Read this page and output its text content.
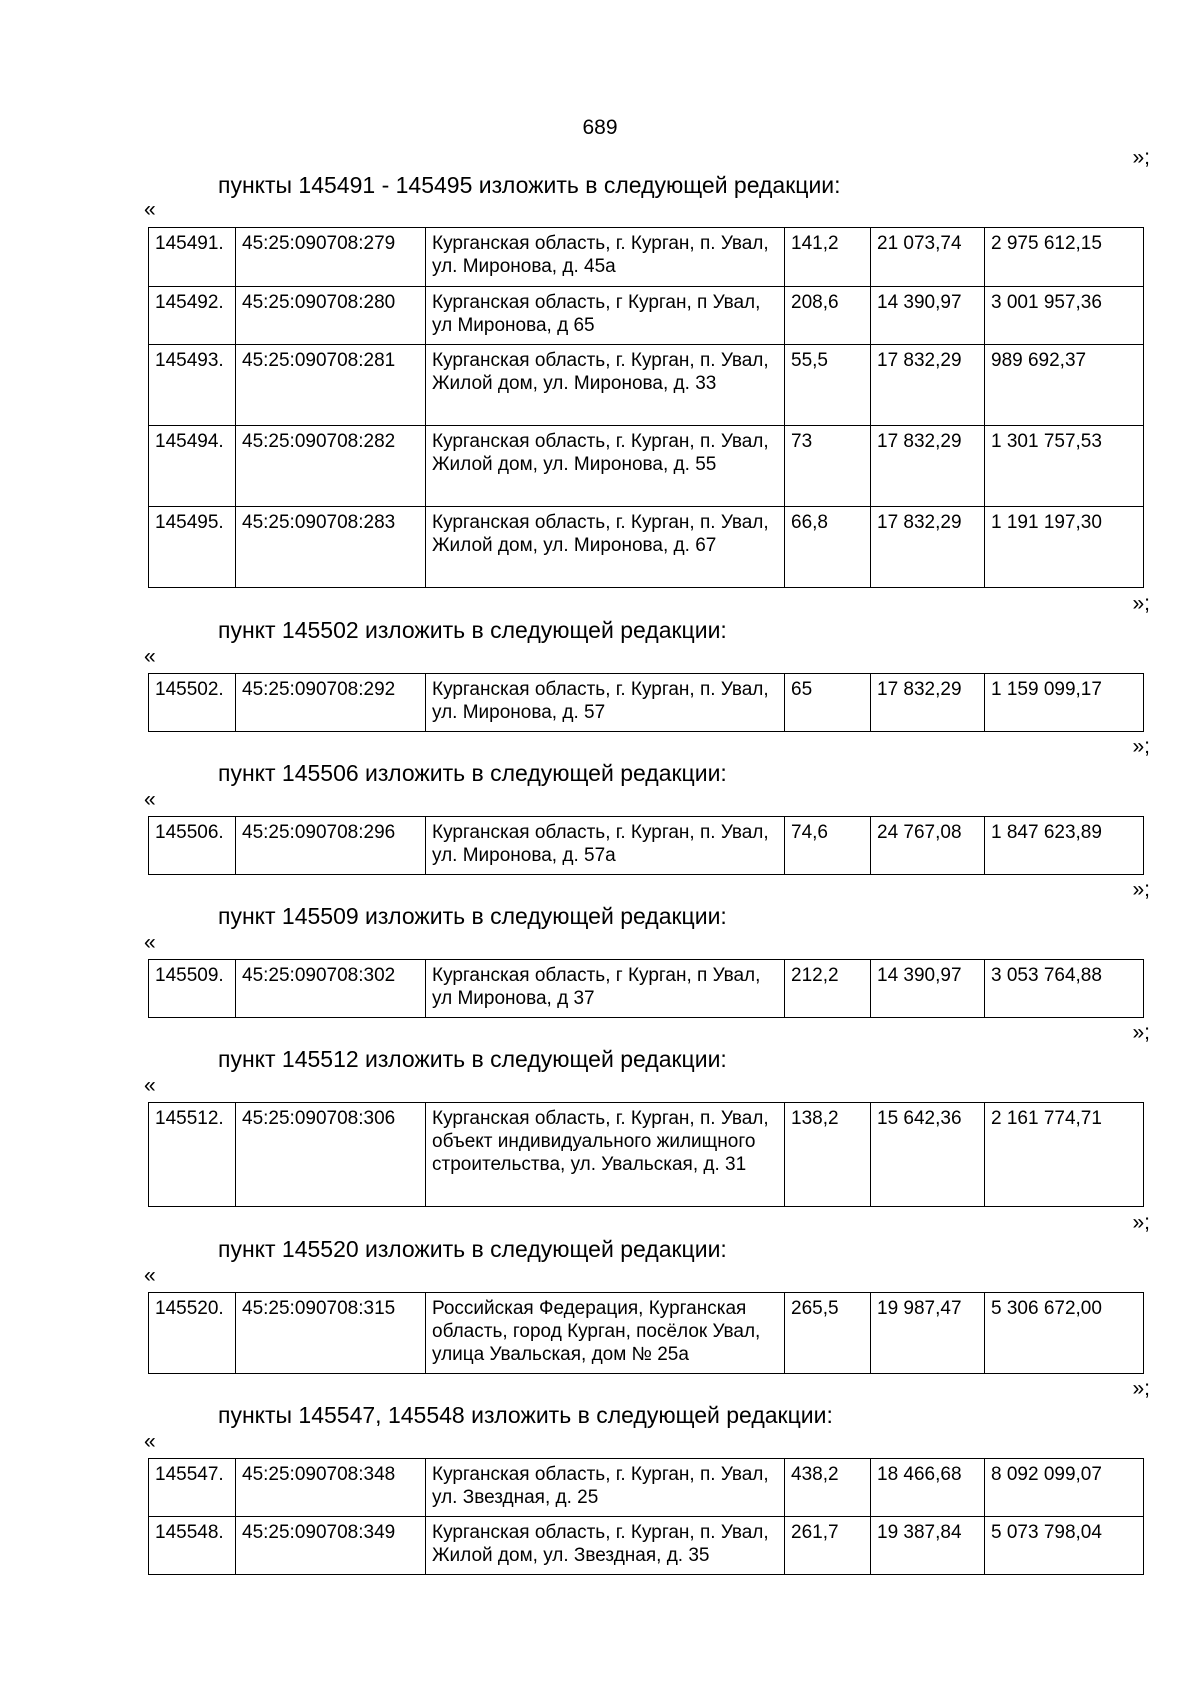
689
»;
пункты 145491 - 145495 изложить в следующей редакции:
«
145491.	45:25:090708:279	Курганская область, г. Курган, п. Увал, ул. Миронова, д. 45а	141,2	21 073,74	2 975 612,15
145492.	45:25:090708:280	Курганская область, г Курган, п Увал, ул Миронова, д 65	208,6	14 390,97	3 001 957,36
145493.	45:25:090708:281	Курганская область, г. Курган, п. Увал, Жилой дом, ул. Миронова, д. 33	55,5	17 832,29	989 692,37
145494.	45:25:090708:282	Курганская область, г. Курган, п. Увал, Жилой дом, ул. Миронова, д. 55	73	17 832,29	1 301 757,53
145495.	45:25:090708:283	Курганская область, г. Курган, п. Увал, Жилой дом, ул. Миронова, д. 67	66,8	17 832,29	1 191 197,30
»;
пункт 145502 изложить в следующей редакции:
«
145502.	45:25:090708:292	Курганская область, г. Курган, п. Увал, ул. Миронова, д. 57	65	17 832,29	1 159 099,17
»;
пункт 145506 изложить в следующей редакции:
«
145506.	45:25:090708:296	Курганская область, г. Курган, п. Увал, ул. Миронова, д. 57а	74,6	24 767,08	1 847 623,89
»;
пункт 145509 изложить в следующей редакции:
«
145509.	45:25:090708:302	Курганская область, г Курган, п Увал, ул Миронова, д 37	212,2	14 390,97	3 053 764,88
»;
пункт 145512 изложить в следующей редакции:
«
145512.	45:25:090708:306	Курганская область, г. Курган, п. Увал, объект индивидуального жилищного строительства, ул. Увальская, д. 31	138,2	15 642,36	2 161 774,71
»;
пункт 145520 изложить в следующей редакции:
«
145520.	45:25:090708:315	Российская Федерация, Курганская область, город Курган, посёлок Увал, улица Увальская, дом № 25а	265,5	19 987,47	5 306 672,00
»;
пункты 145547, 145548 изложить в следующей редакции:
«
145547.	45:25:090708:348	Курганская область, г. Курган, п. Увал, ул. Звездная, д. 25	438,2	18 466,68	8 092 099,07
145548.	45:25:090708:349	Курганская область, г. Курган, п. Увал, Жилой дом, ул. Звездная, д. 35	261,7	19 387,84	5 073 798,04
